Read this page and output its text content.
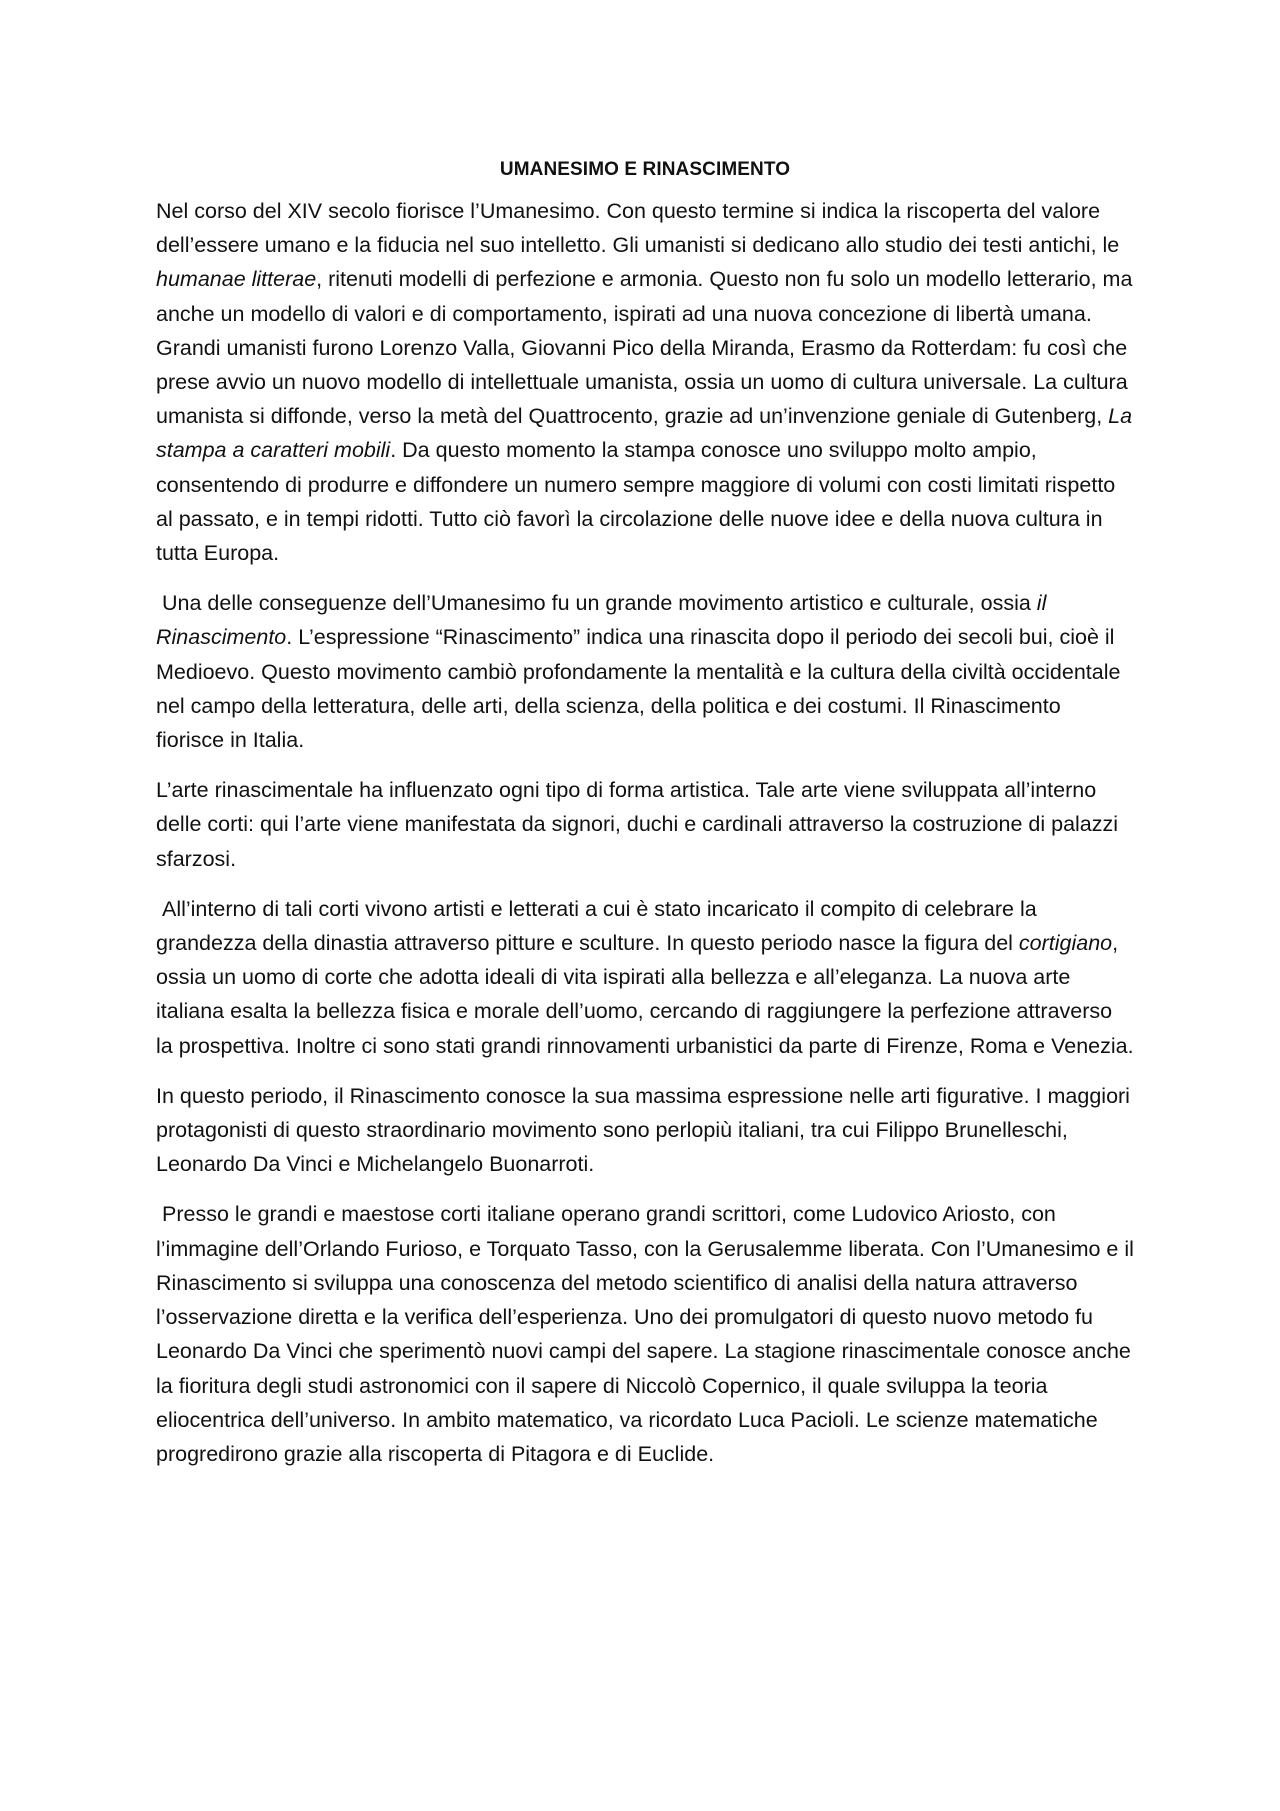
UMANESIMO E RINASCIMENTO

Nel corso del XIV secolo fiorisce l’Umanesimo. Con questo termine si indica la riscoperta del valore dell’essere umano e la fiducia nel suo intelletto. Gli umanisti si dedicano allo studio dei testi antichi, le humanae litterae, ritenuti modelli di perfezione e armonia. Questo non fu solo un modello letterario, ma anche un modello di valori e di comportamento, ispirati ad una nuova concezione di libertà umana. Grandi umanisti furono Lorenzo Valla, Giovanni Pico della Miranda, Erasmo da Rotterdam: fu così che prese avvio un nuovo modello di intellettuale umanista, ossia un uomo di cultura universale. La cultura umanista si diffonde, verso la metà del Quattrocento, grazie ad un’invenzione geniale di Gutenberg, La stampa a caratteri mobili. Da questo momento la stampa conosce uno sviluppo molto ampio, consentendo di produrre e diffondere un numero sempre maggiore di volumi con costi limitati rispetto al passato, e in tempi ridotti. Tutto ciò favorì la circolazione delle nuove idee e della nuova cultura in tutta Europa.

Una delle conseguenze dell’Umanesimo fu un grande movimento artistico e culturale, ossia il Rinascimento. L’espressione “Rinascimento” indica una rinascita dopo il periodo dei secoli bui, cioè il Medioevo. Questo movimento cambiò profondamente la mentalità e la cultura della civiltà occidentale nel campo della letteratura, delle arti, della scienza, della politica e dei costumi. Il Rinascimento fiorisce in Italia.

L’arte rinascimentale ha influenzato ogni tipo di forma artistica. Tale arte viene sviluppata all’interno delle corti: qui l’arte viene manifestata da signori, duchi e cardinali attraverso la costruzione di palazzi sfarzosi.

All’interno di tali corti vivono artisti e letterati a cui è stato incaricato il compito di celebrare la grandezza della dinastia attraverso pitture e sculture. In questo periodo nasce la figura del cortigiano, ossia un uomo di corte che adotta ideali di vita ispirati alla bellezza e all’eleganza. La nuova arte italiana esalta la bellezza fisica e morale dell’uomo, cercando di raggiungere la perfezione attraverso la prospettiva. Inoltre ci sono stati grandi rinnovamenti urbanistici da parte di Firenze, Roma e Venezia.

In questo periodo, il Rinascimento conosce la sua massima espressione nelle arti figurative. I maggiori protagonisti di questo straordinario movimento sono perlopiù italiani, tra cui Filippo Brunelleschi, Leonardo Da Vinci e Michelangelo Buonarroti.

Presso le grandi e maestose corti italiane operano grandi scrittori, come Ludovico Ariosto, con l’immagine dell’Orlando Furioso, e Torquato Tasso, con la Gerusalemme liberata. Con l’Umanesimo e il Rinascimento si sviluppa una conoscenza del metodo scientifico di analisi della natura attraverso l’osservazione diretta e la verifica dell’esperienza. Uno dei promulgatori di questo nuovo metodo fu Leonardo Da Vinci che sperimentò nuovi campi del sapere. La stagione rinascimentale conosce anche la fioritura degli studi astronomici con il sapere di Niccolò Copernico, il quale sviluppa la teoria eliocentrica dell’universo. In ambito matematico, va ricordato Luca Pacioli. Le scienze matematiche progredirono grazie alla riscoperta di Pitagora e di Euclide.
